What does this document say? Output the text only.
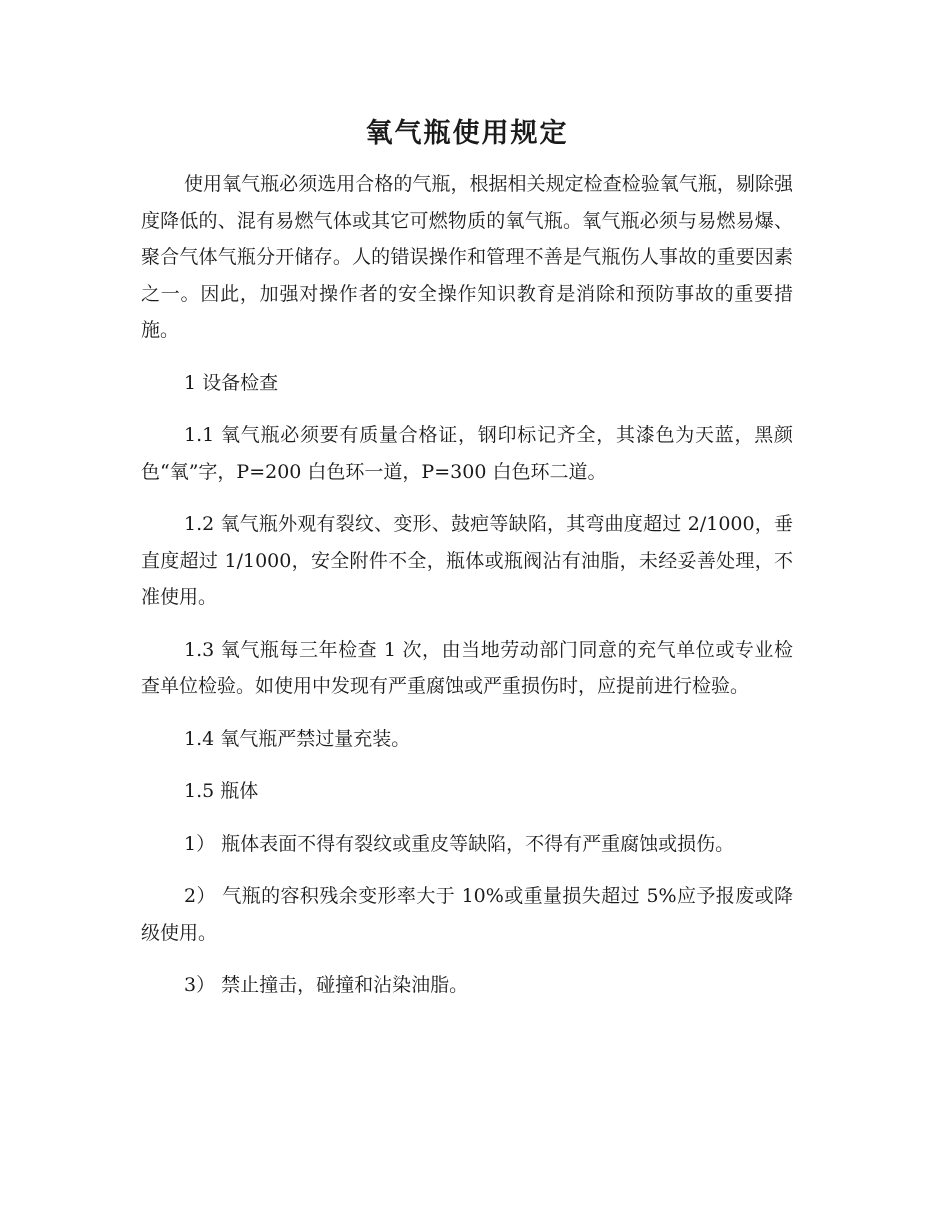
氧气瓶使用规定

使用氧气瓶必须选用合格的气瓶，根据相关规定检查检验氧气瓶，剔除强度降低的、混有易燃气体或其它可燃物质的氧气瓶。氧气瓶必须与易燃易爆、聚合气体气瓶分开储存。人的错误操作和管理不善是气瓶伤人事故的重要因素之一。因此，加强对操作者的安全操作知识教育是消除和预防事故的重要措施。

1 设备检查

1.1 氧气瓶必须要有质量合格证，钢印标记齐全，其漆色为天蓝，黑颜色“氧”字，P=200 白色环一道，P=300 白色环二道。

1.2 氧气瓶外观有裂纹、变形、鼓疤等缺陷，其弯曲度超过 2/1000，垂直度超过 1/1000，安全附件不全，瓶体或瓶阀沾有油脂，未经妥善处理，不准使用。

1.3 氧气瓶每三年检查 1 次，由当地劳动部门同意的充气单位或专业检查单位检验。如使用中发现有严重腐蚀或严重损伤时，应提前进行检验。

1.4 氧气瓶严禁过量充装。

1.5 瓶体

1） 瓶体表面不得有裂纹或重皮等缺陷，不得有严重腐蚀或损伤。

2） 气瓶的容积残余变形率大于 10%或重量损失超过 5%应予报废或降级使用。

3） 禁止撞击，碰撞和沾染油脂。
